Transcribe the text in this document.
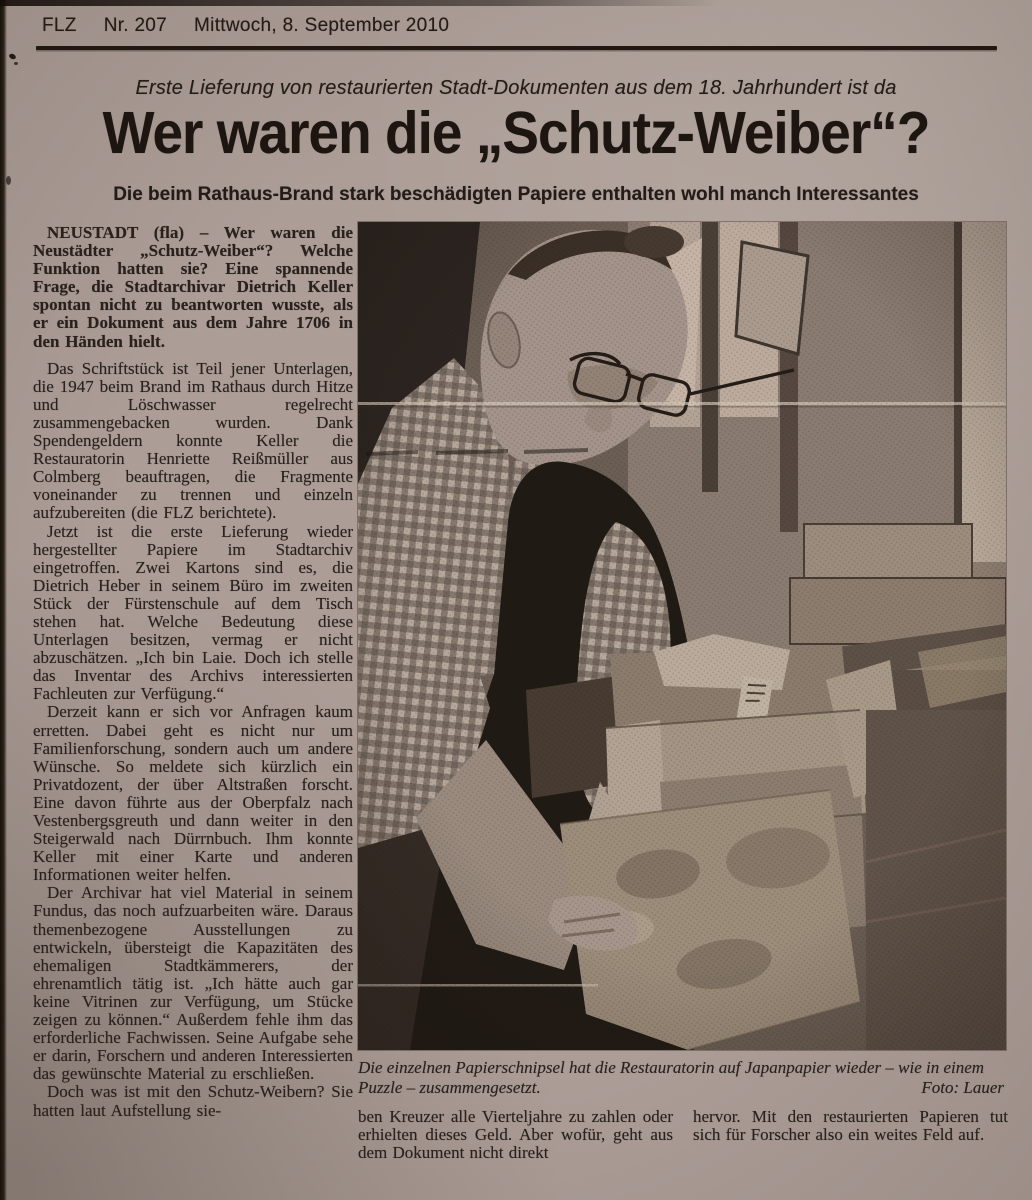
FLZ Nr. 207 Mittwoch, 8. September 2010
Erste Lieferung von restaurierten Stadt-Dokumenten aus dem 18. Jahrhundert ist da
Wer waren die „Schutz-Weiber“?
Die beim Rathaus-Brand stark beschädigten Papiere enthalten wohl manch Interessantes

NEUSTADT (fla) – Wer waren die Neustädter „Schutz-Weiber“? Welche Funktion hatten sie? Eine spannende Frage, die Stadtarchivar Dietrich Keller spontan nicht zu beantworten wusste, als er ein Dokument aus dem Jahre 1706 in den Händen hielt.

Das Schriftstück ist Teil jener Unterlagen, die 1947 beim Brand im Rathaus durch Hitze und Löschwasser regelrecht zusammengebacken wurden. Dank Spendengeldern konnte Keller die Restauratorin Henriette Reißmüller aus Colmberg beauftragen, die Fragmente voneinander zu trennen und einzeln aufzubereiten (die FLZ berichtete).

Jetzt ist die erste Lieferung wieder hergestellter Papiere im Stadtarchiv eingetroffen. Zwei Kartons sind es, die Dietrich Heber in seinem Büro im zweiten Stück der Fürstenschule auf dem Tisch stehen hat. Welche Bedeutung diese Unterlagen besitzen, vermag er nicht abzuschätzen. „Ich bin Laie. Doch ich stelle das Inventar des Archivs interessierten Fachleuten zur Verfügung.“

Derzeit kann er sich vor Anfragen kaum erretten. Dabei geht es nicht nur um Familienforschung, sondern auch um andere Wünsche. So meldete sich kürzlich ein Privatdozent, der über Altstraßen forscht. Eine davon führte aus der Oberpfalz nach Vestenbergsgreuth und dann weiter in den Steigerwald nach Dürrnbuch. Ihm konnte Keller mit einer Karte und anderen Informationen weiter helfen.

Der Archivar hat viel Material in seinem Fundus, das noch aufzuarbeiten wäre. Daraus themenbezogene Ausstellungen zu entwickeln, übersteigt die Kapazitäten des ehemaligen Stadtkämmerers, der ehrenamtlich tätig ist. „Ich hätte auch gar keine Vitrinen zur Verfügung, um Stücke zeigen zu können.“ Außerdem fehle ihm das erforderliche Fachwissen. Seine Aufgabe sehe er darin, Forschern und anderen Interessierten das gewünschte Material zu erschließen.

Doch was ist mit den Schutz-Weibern? Sie hatten laut Aufstellung sie-

Die einzelnen Papierschnipsel hat die Restauratorin auf Japanpapier wieder – wie in einem Puzzle – zusammengesetzt.	Foto: Lauer

ben Kreuzer alle Vierteljahre zu zahlen oder erhielten dieses Geld. Aber wofür, geht aus dem Dokument nicht direkt

hervor. Mit den restaurierten Papieren tut sich für Forscher also ein weites Feld auf.
